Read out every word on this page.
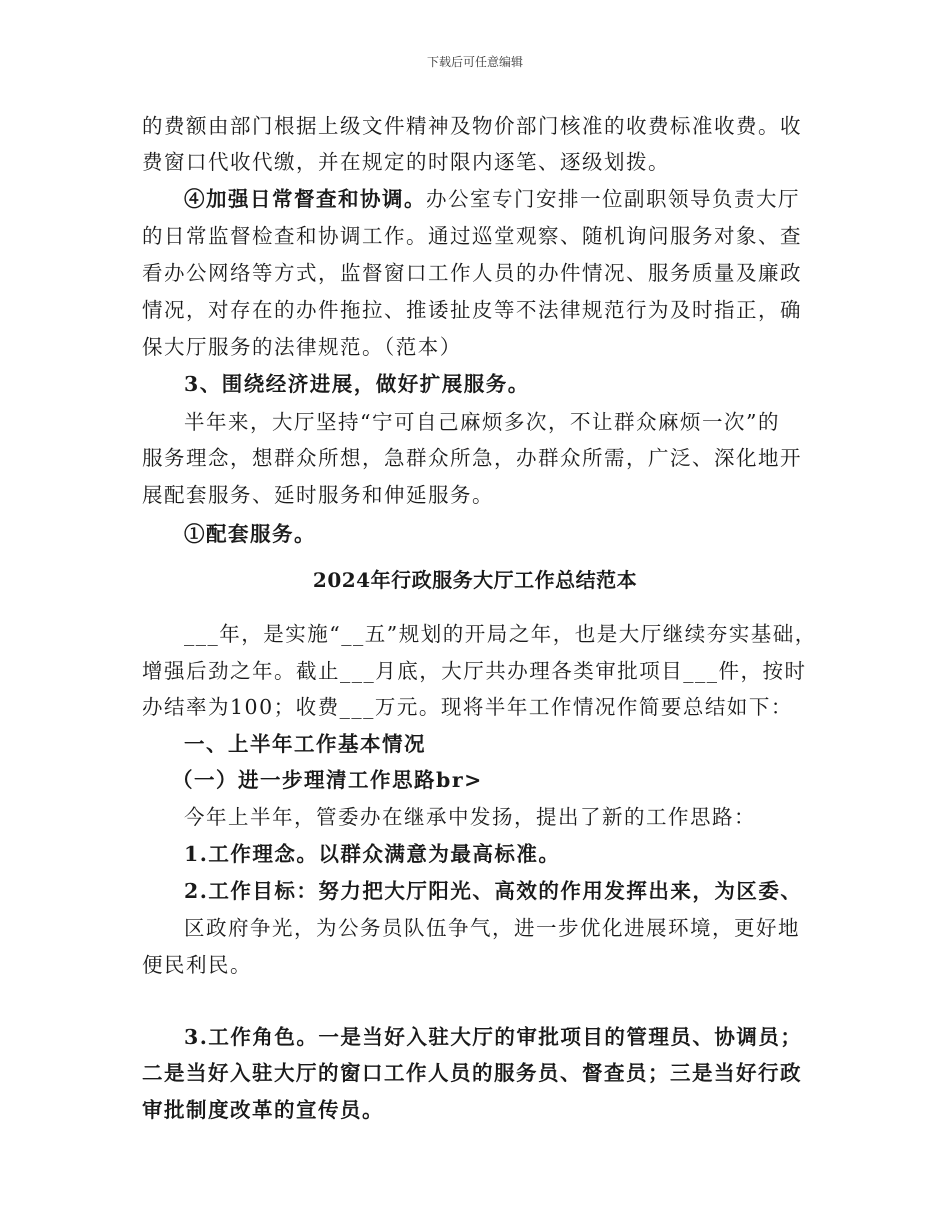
下载后可任意编辑
的费额由部门根据上级文件精神及物价部门核准的收费标准收费。收
费窗口代收代缴，并在规定的时限内逐笔、逐级划拨。
④加强日常督查和协调。办公室专门安排一位副职领导负责大厅
的日常监督检查和协调工作。通过巡堂观察、随机询问服务对象、查
看办公网络等方式，监督窗口工作人员的办件情况、服务质量及廉政
情况，对存在的办件拖拉、推诿扯皮等不法律规范行为及时指正，确
保大厅服务的法律规范。（范本）
3、围绕经济进展，做好扩展服务。
半年来，大厅坚持“宁可自己麻烦多次，不让群众麻烦一次”的
服务理念，想群众所想，急群众所急，办群众所需，广泛、深化地开
展配套服务、延时服务和伸延服务。
①配套服务。
2024年行政服务大厅工作总结范本
___年，是实施“__五”规划的开局之年，也是大厅继续夯实基础，
增强后劲之年。截止___月底，大厅共办理各类审批项目___件，按时
办结率为100；收费___万元。现将半年工作情况作简要总结如下：
一、上半年工作基本情况
（一）进一步理清工作思路br>
今年上半年，管委办在继承中发扬，提出了新的工作思路：
1.工作理念。以群众满意为最高标准。
2.工作目标：努力把大厅阳光、高效的作用发挥出来，为区委、
区政府争光，为公务员队伍争气，进一步优化进展环境，更好地
便民利民。
3.工作角色。一是当好入驻大厅的审批项目的管理员、协调员；
二是当好入驻大厅的窗口工作人员的服务员、督查员；三是当好行政
审批制度改革的宣传员。
